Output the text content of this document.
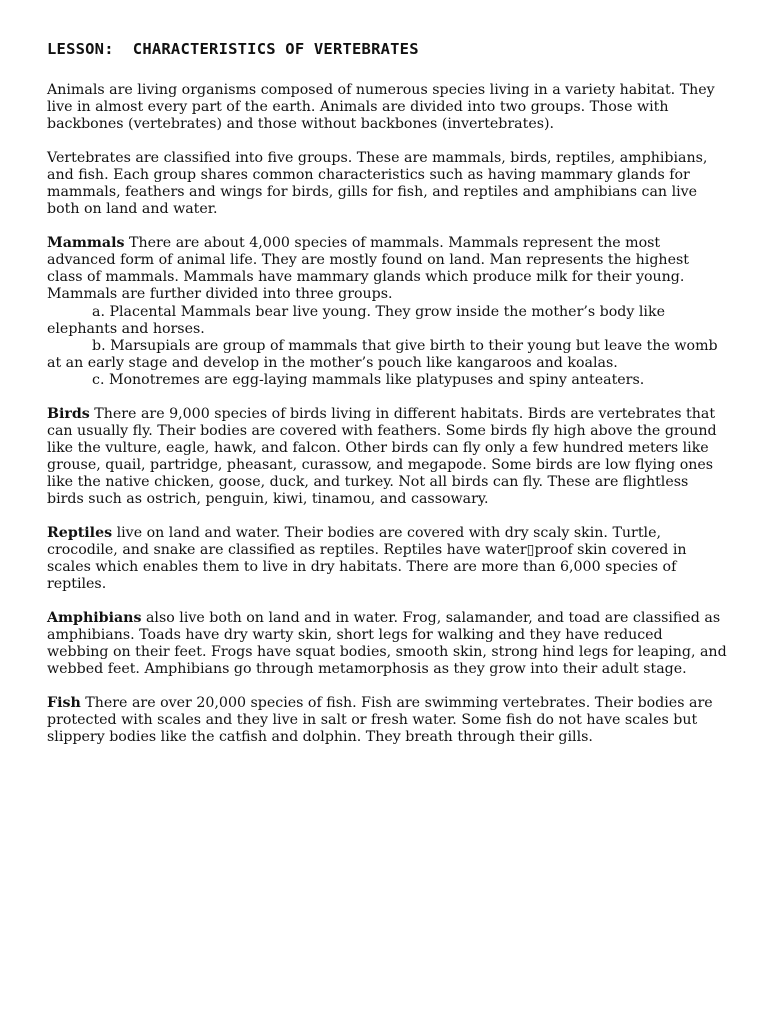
LESSON:  CHARACTERISTICS OF VERTEBRATES

Animals are living organisms composed of numerous species living in a variety habitat. They live in almost every part of the earth. Animals are divided into two groups. Those with backbones (vertebrates) and those without backbones (invertebrates).

Vertebrates are classified into five groups. These are mammals, birds, reptiles, amphibians, and fish. Each group shares common characteristics such as having mammary glands for mammals, feathers and wings for birds, gills for fish, and reptiles and amphibians can live both on land and water.

Mammals There are about 4,000 species of mammals. Mammals represent the most advanced form of animal life. They are mostly found on land. Man represents the highest class of mammals. Mammals have mammary glands which produce milk for their young. Mammals are further divided into three groups.

a. Placental Mammals bear live young. They grow inside the mother’s body like elephants and horses.
b. Marsupials are group of mammals that give birth to their young but leave the womb at an early stage and develop in the mother’s pouch like kangaroos and koalas.
c. Monotremes are egg-laying mammals like platypuses and spiny anteaters.

Birds There are 9,000 species of birds living in different habitats. Birds are vertebrates that can usually fly. Their bodies are covered with feathers. Some birds fly high above the ground like the vulture, eagle, hawk, and falcon. Other birds can fly only a few hundred meters like grouse, quail, partridge, pheasant, curassow, and megapode. Some birds are low flying ones like the native chicken, goose, duck, and turkey. Not all birds can fly. These are flightless birds such as ostrich, penguin, kiwi, tinamou, and cassowary.

Reptiles live on land and water. Their bodies are covered with dry scaly skin. Turtle, crocodile, and snake are classified as reptiles. Reptiles have water▯proof skin covered in scales which enables them to live in dry habitats. There are more than 6,000 species of reptiles.

Amphibians also live both on land and in water. Frog, salamander, and toad are classified as amphibians. Toads have dry warty skin, short legs for walking and they have reduced webbing on their feet. Frogs have squat bodies, smooth skin, strong hind legs for leaping, and webbed feet. Amphibians go through metamorphosis as they grow into their adult stage.

Fish There are over 20,000 species of fish. Fish are swimming vertebrates. Their bodies are protected with scales and they live in salt or fresh water. Some fish do not have scales but slippery bodies like the catfish and dolphin. They breath through their gills.
